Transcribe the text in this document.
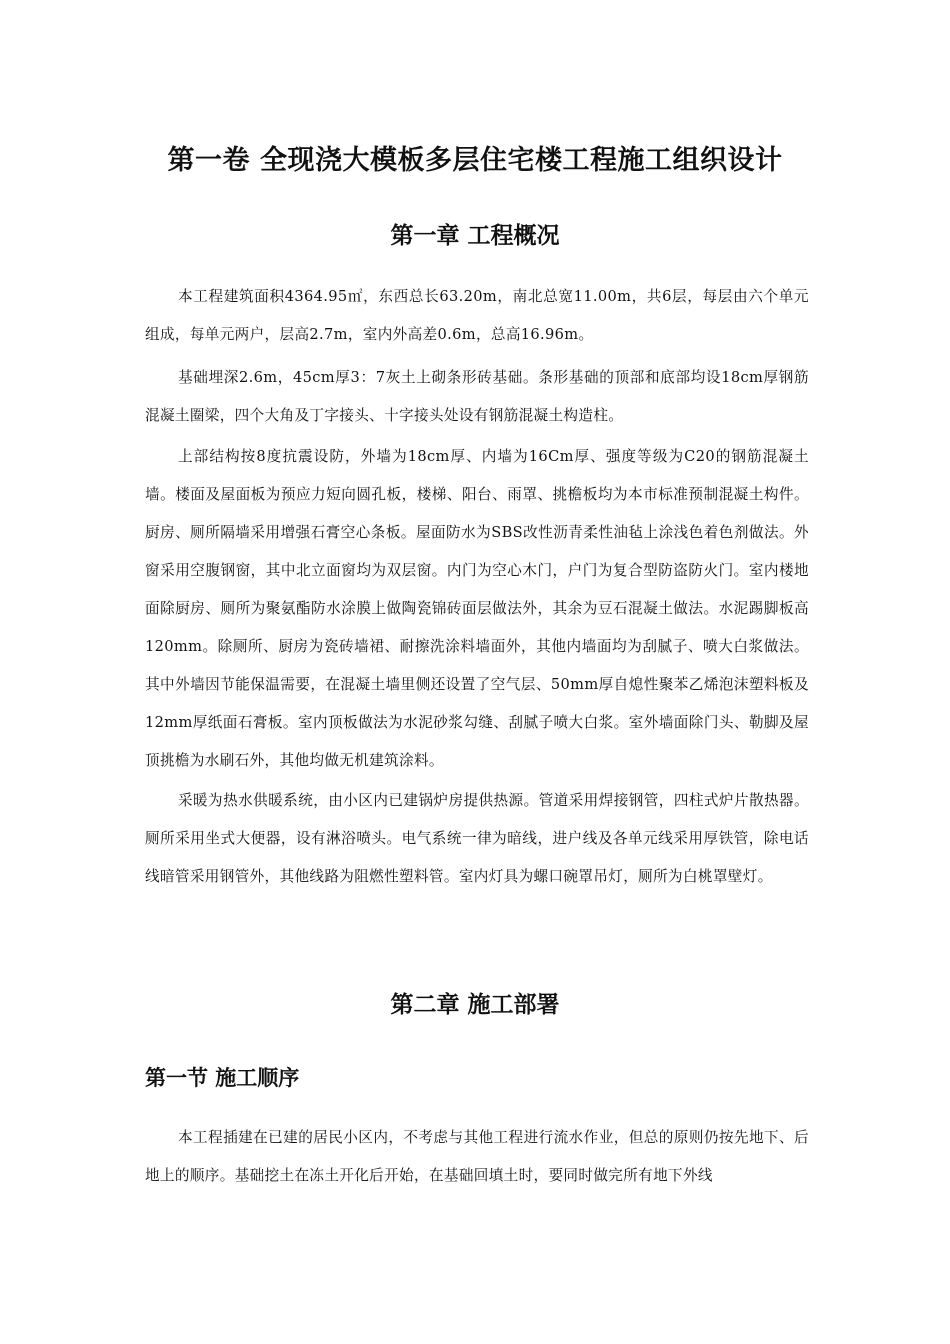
第一卷 全现浇大模板多层住宅楼工程施工组织设计
第一章 工程概况

本工程建筑面积4364.95㎡，东西总长63.20m，南北总宽11.00m，共6层，每层由六个单元组成，每单元两户，层高2.7m，室内外高差0.6m，总高16.96m。

基础埋深2.6m，45cm厚3：7灰土上砌条形砖基础。条形基础的顶部和底部均设18cm厚钢筋混凝土圈梁，四个大角及丁字接头、十字接头处设有钢筋混凝土构造柱。

上部结构按8度抗震设防，外墙为18cm厚、内墙为16Cm厚、强度等级为C20的钢筋混凝土墙。楼面及屋面板为预应力短向圆孔板，楼梯、阳台、雨罩、挑檐板均为本市标准预制混凝土构件。厨房、厕所隔墙采用增强石膏空心条板。屋面防水为SBS改性沥青柔性油毡上涂浅色着色剂做法。外窗采用空腹钢窗，其中北立面窗均为双层窗。内门为空心木门，户门为复合型防盗防火门。室内楼地面除厨房、厕所为聚氨酯防水涂膜上做陶瓷锦砖面层做法外，其余为豆石混凝土做法。水泥踢脚板高120mm。除厕所、厨房为瓷砖墙裙、耐擦洗涂料墙面外，其他内墙面均为刮腻子、喷大白浆做法。其中外墙因节能保温需要，在混凝土墙里侧还设置了空气层、50mm厚自熄性聚苯乙烯泡沫塑料板及12mm厚纸面石膏板。室内顶板做法为水泥砂浆勾缝、刮腻子喷大白浆。室外墙面除门头、勒脚及屋顶挑檐为水刷石外，其他均做无机建筑涂料。

采暖为热水供暖系统，由小区内已建锅炉房提供热源。管道采用焊接钢管，四柱式炉片散热器。厕所采用坐式大便器，设有淋浴喷头。电气系统一律为暗线，进户线及各单元线采用厚铁管，除电话线暗管采用钢管外，其他线路为阻燃性塑料管。室内灯具为螺口碗罩吊灯，厕所为白桃罩壁灯。

第二章 施工部署
第一节 施工顺序

本工程插建在已建的居民小区内，不考虑与其他工程进行流水作业，但总的原则仍按先地下、后地上的顺序。基础挖土在冻土开化后开始，在基础回填土时，要同时做完所有地下外线
